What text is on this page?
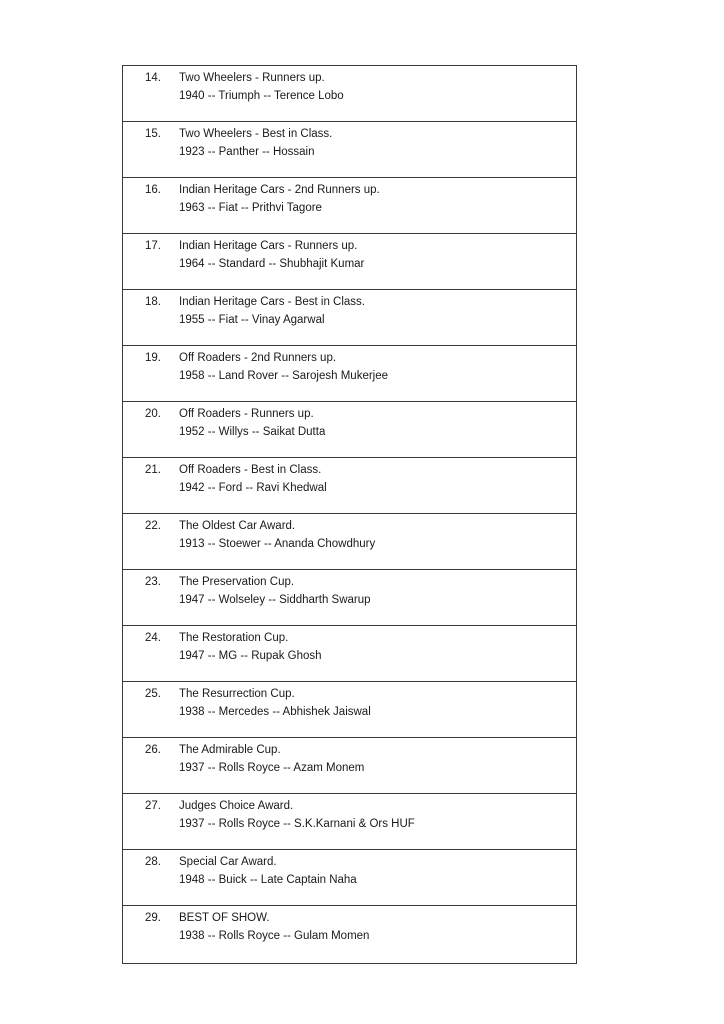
14.	Two Wheelers - Runners up.
1940 -- Triumph -- Terence Lobo

15.	Two Wheelers - Best in Class.
1923 -- Panther -- Hossain

16.	Indian Heritage Cars - 2nd Runners up.
1963 -- Fiat -- Prithvi Tagore

17.	Indian Heritage Cars - Runners up.
1964 -- Standard -- Shubhajit Kumar

18.	Indian Heritage Cars - Best in Class.
1955 -- Fiat -- Vinay Agarwal

19.	Off Roaders - 2nd Runners up.
1958 -- Land Rover -- Sarojesh Mukerjee

20.	Off Roaders - Runners up.
1952 -- Willys -- Saikat Dutta

21.	Off Roaders - Best in Class.
1942 -- Ford -- Ravi Khedwal

22.	The Oldest Car Award.
1913 -- Stoewer -- Ananda Chowdhury

23.	The Preservation Cup.
1947 -- Wolseley -- Siddharth Swarup

24.	The Restoration Cup.
1947 -- MG -- Rupak Ghosh

25.	The Resurrection Cup.
1938 -- Mercedes -- Abhishek Jaiswal

26.	The Admirable Cup.
1937 -- Rolls Royce -- Azam Monem

27.	Judges Choice Award.
1937 -- Rolls Royce -- S.K.Karnani & Ors HUF

28.	Special Car Award.
1948 -- Buick -- Late Captain Naha

29.	BEST OF SHOW.
1938 -- Rolls Royce -- Gulam Momen
